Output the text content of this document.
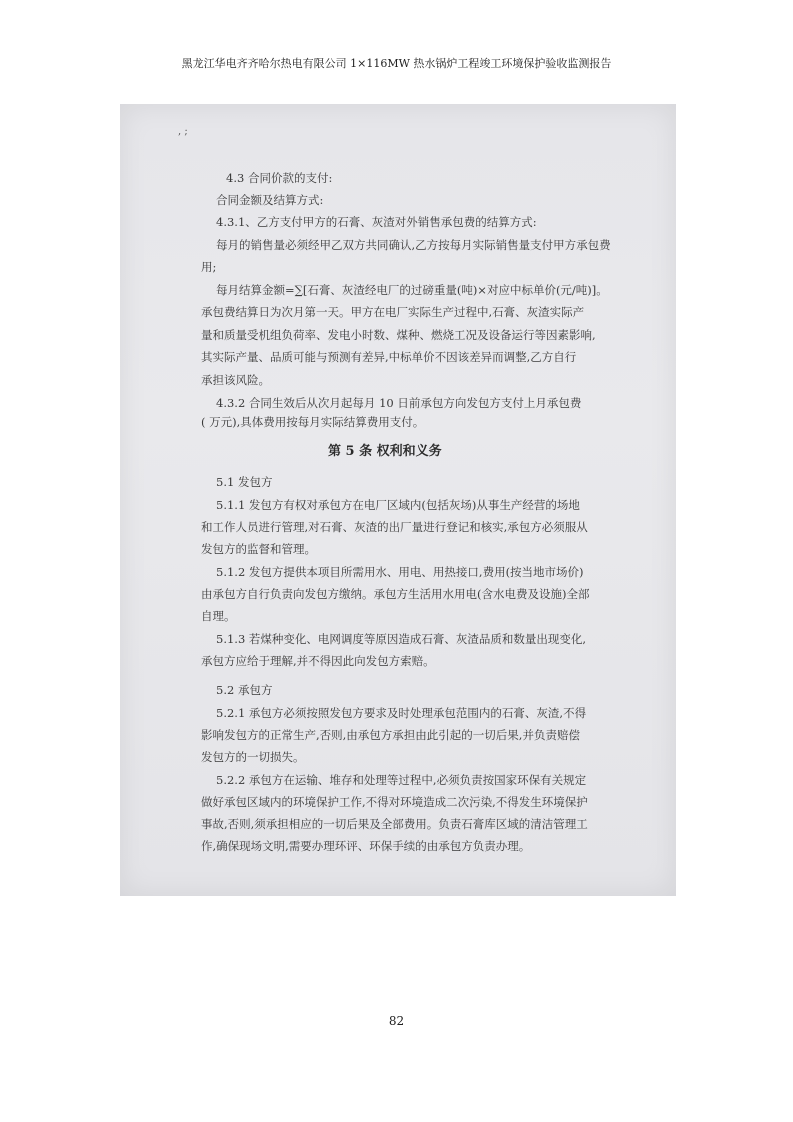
黑龙江华电齐齐哈尔热电有限公司 1×116MW 热水锅炉工程竣工环境保护验收监测报告
, ;

4.3 合同价款的支付:

合同金额及结算方式:

4.3.1、乙方支付甲方的石膏、灰渣对外销售承包费的结算方式:

每月的销售量必须经甲乙双方共同确认,乙方按每月实际销售量支付甲方承包费

用;

每月结算金额=∑[石膏、灰渣经电厂的过磅重量(吨)×对应中标单价(元/吨)]。

承包费结算日为次月第一天。甲方在电厂实际生产过程中,石膏、灰渣实际产

量和质量受机组负荷率、发电小时数、煤种、燃烧工况及设备运行等因素影响,

其实际产量、品质可能与预测有差异,中标单价不因该差异而调整,乙方自行

承担该风险。

4.3.2 合同生效后从次月起每月 10 日前承包方向发包方支付上月承包费

( 万元),具体费用按每月实际结算费用支付。

第 5 条 权利和义务

5.1 发包方

5.1.1 发包方有权对承包方在电厂区域内(包括灰场)从事生产经营的场地

和工作人员进行管理,对石膏、灰渣的出厂量进行登记和核实,承包方必须服从

发包方的监督和管理。

5.1.2 发包方提供本项目所需用水、用电、用热接口,费用(按当地市场价)

由承包方自行负责向发包方缴纳。承包方生活用水用电(含水电费及设施)全部

自理。

5.1.3 若煤种变化、电网调度等原因造成石膏、灰渣品质和数量出现变化,

承包方应给于理解,并不得因此向发包方索赔。

5.2 承包方

5.2.1 承包方必须按照发包方要求及时处理承包范围内的石膏、灰渣,不得

影响发包方的正常生产,否则,由承包方承担由此引起的一切后果,并负责赔偿

发包方的一切损失。

5.2.2 承包方在运输、堆存和处理等过程中,必须负责按国家环保有关规定

做好承包区域内的环境保护工作,不得对环境造成二次污染,不得发生环境保护

事故,否则,须承担相应的一切后果及全部费用。负责石膏库区域的清洁管理工

作,确保现场文明,需要办理环评、环保手续的由承包方负责办理。

82
